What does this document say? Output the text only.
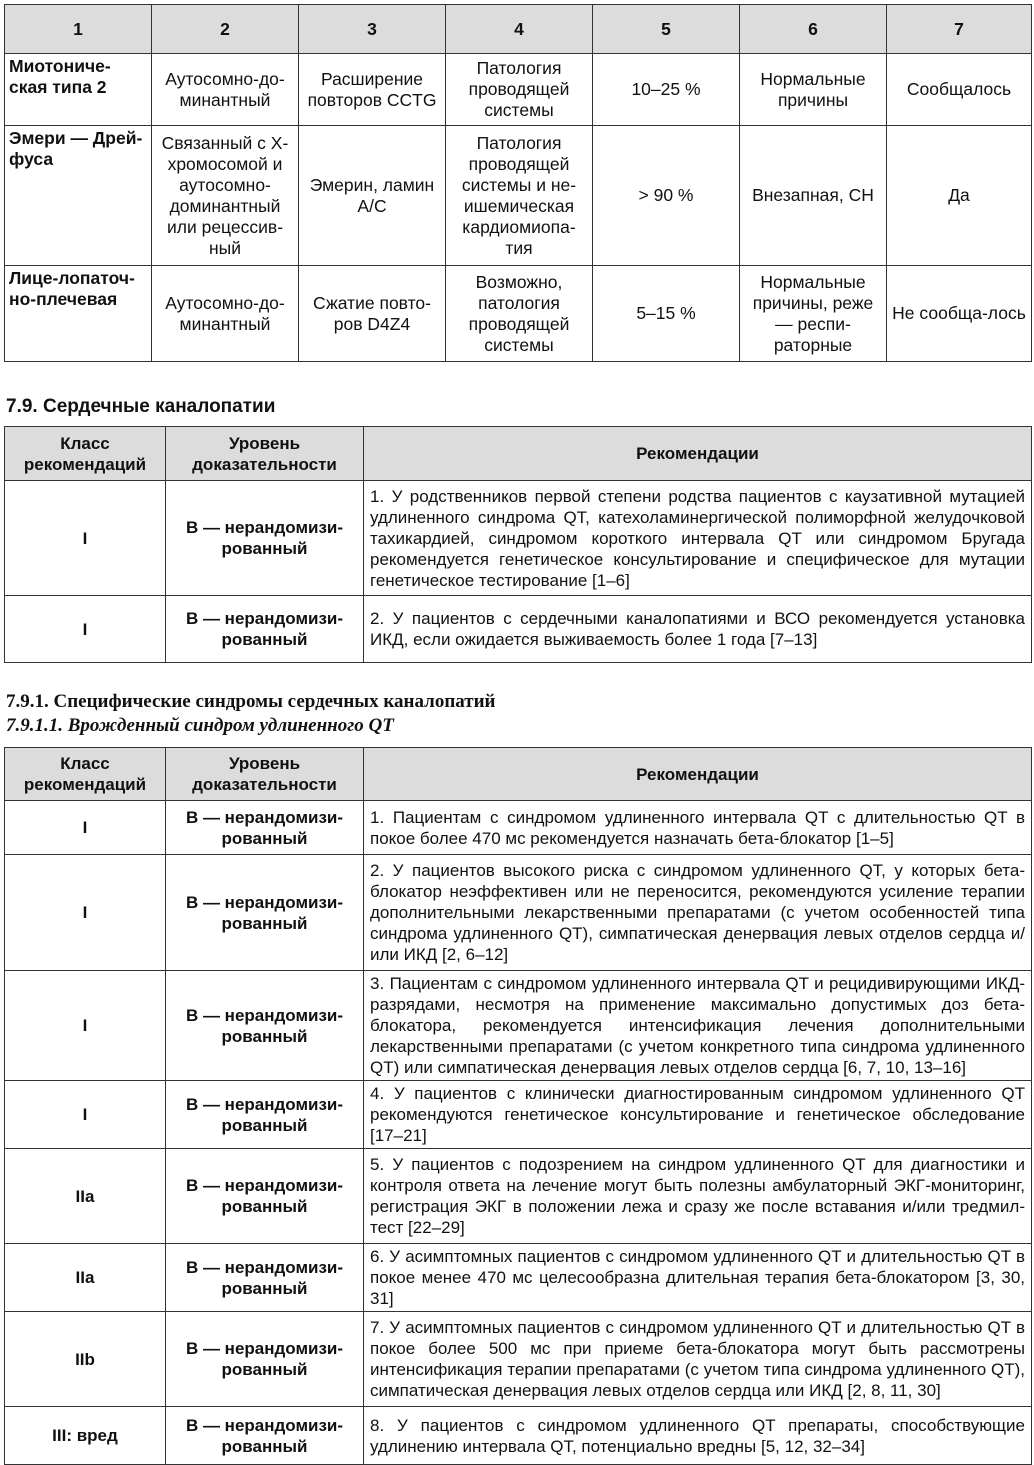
1	2	3	4	5	6	7
Миотониче-ская типа 2	Аутосомно-до-минантный	Расширение повторов CCTG	Патология проводящей системы	10–25 %	Нормальные причины	Сообщалось
Эмери — Дрей-фуса	Связанный с Х-хромосомой и аутосомно-доминантный или рецессив-ный	Эмерин, ламин А/С	Патология проводящей системы и не-ишемическая кардиомиопа-тия	> 90 %	Внезапная, СН	Да
Лице-лопаточ-но-плечевая	Аутосомно-до-минантный	Сжатие повто-ров D4Z4	Возможно, патология проводящей системы	5–15 %	Нормальные причины, реже — респи-раторные	Не сообща-лось
7.9. Сердечные каналопатии
Класс рекомендаций	Уровень доказательности	Рекомендации
I	B — нерандомизи-рованный	1. У родственников первой степени родства пациентов с каузативной мутацией удлиненного синдрома QT, катехоламинергической полиморфной желудочковой тахикардией, синдромом короткого интервала QT или синдромом Бругада рекомендуется генетическое консультирование и специфическое для мутации генетическое тестирование [1–6]
I	B — нерандомизи-рованный	2. У пациентов с сердечными каналопатиями и ВСО рекомендуется установка ИКД, если ожидается выживаемость более 1 года [7–13]
7.9.1. Специфические синдромы сердечных каналопатий
7.9.1.1. Врожденный синдром удлиненного QT
Класс рекомендаций	Уровень доказательности	Рекомендации
I	B — нерандомизи-рованный	1. Пациентам с синдромом удлиненного интервала QT с длительностью QT в покое более 470 мс рекомендуется назначать бета-блокатор [1–5]
I	B — нерандомизи-рованный	2. У пациентов высокого риска с синдромом удлиненного QT, у которых бета-блокатор неэффективен или не переносится, рекомендуются усиление терапии дополнительными лекарственными препаратами (с учетом особенностей типа синдрома удлиненного QT), симпатическая денервация левых отделов сердца и/или ИКД [2, 6–12]
I	B — нерандомизи-рованный	3. Пациентам с синдромом удлиненного интервала QT и рецидивирующими ИКД-разрядами, несмотря на применение максимально допустимых доз бета-блокатора, рекомендуется интенсификация лечения дополнительными лекарственными препаратами (с учетом конкретного типа синдрома удлиненного QT) или симпатическая денервация левых отделов сердца [6, 7, 10, 13–16]
I	B — нерандомизи-рованный	4. У пациентов с клинически диагностированным синдромом удлиненного QT рекомендуются генетическое консультирование и генетическое обследование [17–21]
IIa	B — нерандомизи-рованный	5. У пациентов с подозрением на синдром удлиненного QT для диагностики и контроля ответа на лечение могут быть полезны амбулаторный ЭКГ-мониторинг, регистрация ЭКГ в положении лежа и сразу же после вставания и/или тредмил-тест [22–29]
IIa	B — нерандомизи-рованный	6. У асимптомных пациентов с синдромом удлиненного QT и длительностью QT в покое менее 470 мс целесообразна длительная терапия бета-блокатором [3, 30, 31]
IIb	B — нерандомизи-рованный	7. У асимптомных пациентов с синдромом удлиненного QT и длительностью QT в покое более 500 мс при приеме бета-блокатора могут быть рассмотрены интенсификация терапии препаратами (с учетом типа синдрома удлиненного QT), симпатическая денервация левых отделов сердца или ИКД [2, 8, 11, 30]
III: вред	B — нерандомизи-рованный	8. У пациентов с синдромом удлиненного QT препараты, способствующие удлинению интервала QT, потенциально вредны [5, 12, 32–34]
